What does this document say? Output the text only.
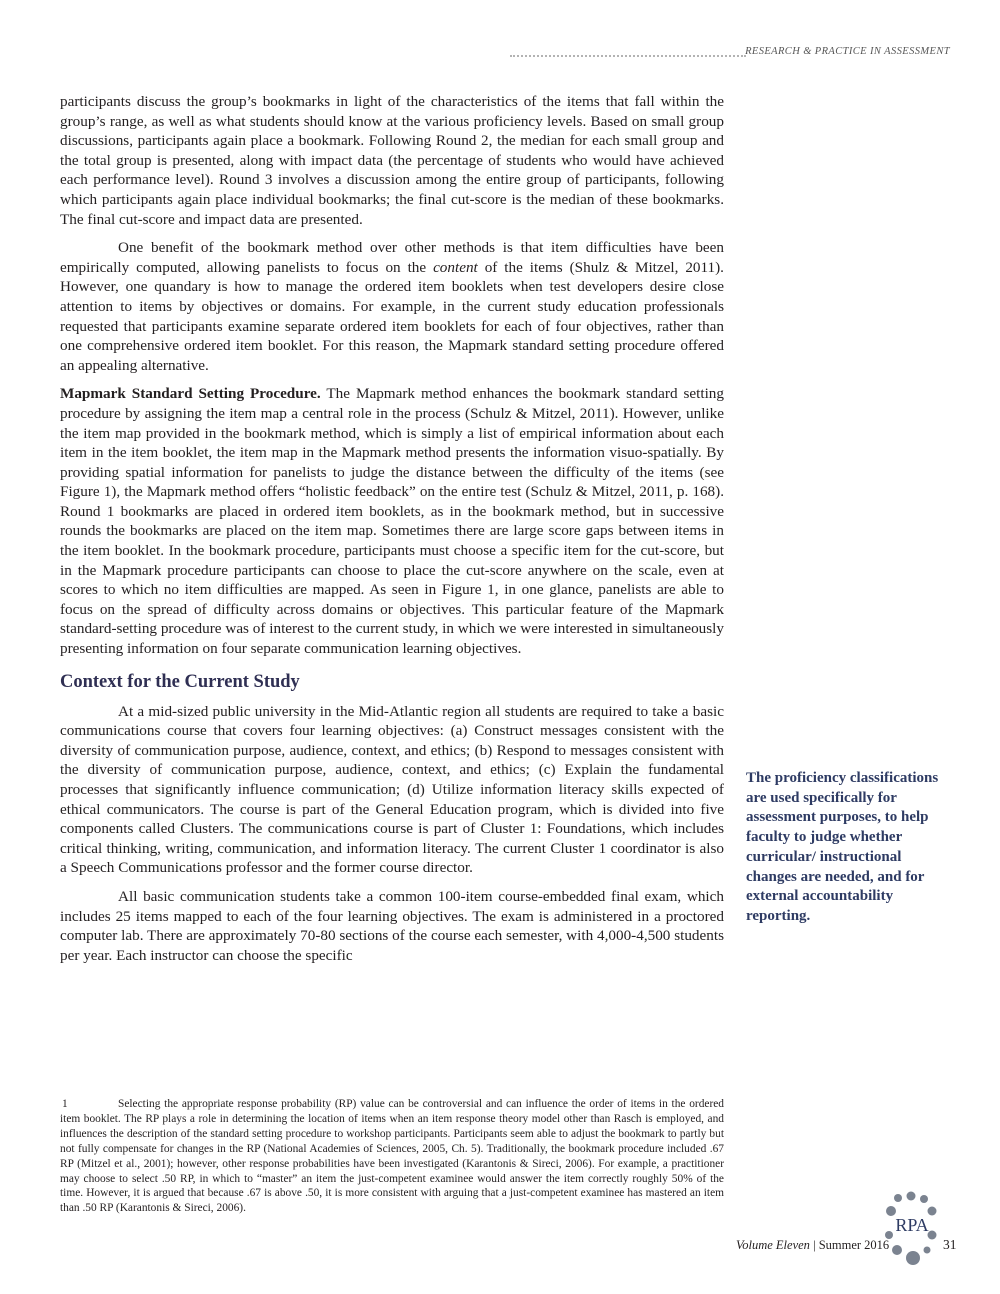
RESEARCH & PRACTICE IN ASSESSMENT

participants discuss the group’s bookmarks in light of the characteristics of the items that fall within the group’s range, as well as what students should know at the various proficiency levels. Based on small group discussions, participants again place a bookmark. Following Round 2, the median for each small group and the total group is presented, along with impact data (the percentage of students who would have achieved each performance level). Round 3 involves a discussion among the entire group of participants, following which participants again place individual bookmarks; the final cut-score is the median of these bookmarks. The final cut-score and impact data are presented.

One benefit of the bookmark method over other methods is that item difficulties have been empirically computed, allowing panelists to focus on the content of the items (Shulz & Mitzel, 2011). However, one quandary is how to manage the ordered item booklets when test developers desire close attention to items by objectives or domains. For example, in the current study education professionals requested that participants examine separate ordered item booklets for each of four objectives, rather than one comprehensive ordered item booklet. For this reason, the Mapmark standard setting procedure offered an appealing alternative.

Mapmark Standard Setting Procedure. The Mapmark method enhances the bookmark standard setting procedure by assigning the item map a central role in the process (Schulz & Mitzel, 2011). However, unlike the item map provided in the bookmark method, which is simply a list of empirical information about each item in the item booklet, the item map in the Mapmark method presents the information visuo-spatially. By providing spatial information for panelists to judge the distance between the difficulty of the items (see Figure 1), the Mapmark method offers “holistic feedback” on the entire test (Schulz & Mitzel, 2011, p. 168). Round 1 bookmarks are placed in ordered item booklets, as in the bookmark method, but in successive rounds the bookmarks are placed on the item map. Sometimes there are large score gaps between items in the item booklet. In the bookmark procedure, participants must choose a specific item for the cut-score, but in the Mapmark procedure participants can choose to place the cut-score anywhere on the scale, even at scores to which no item difficulties are mapped. As seen in Figure 1, in one glance, panelists are able to focus on the spread of difficulty across domains or objectives. This particular feature of the Mapmark standard-setting procedure was of interest to the current study, in which we were interested in simultaneously presenting information on four separate communication learning objectives.

Context for the Current Study

At a mid-sized public university in the Mid-Atlantic region all students are required to take a basic communications course that covers four learning objectives: (a) Construct messages consistent with the diversity of communication purpose, audience, context, and ethics; (b) Respond to messages consistent with the diversity of communication purpose, audience, context, and ethics; (c) Explain the fundamental processes that significantly influence communication; (d) Utilize information literacy skills expected of ethical communicators. The course is part of the General Education program, which is divided into five components called Clusters. The communications course is part of Cluster 1: Foundations, which includes critical thinking, writing, communication, and information literacy. The current Cluster 1 coordinator is also a Speech Communications professor and the former course director.

All basic communication students take a common 100-item course-embedded final exam, which includes 25 items mapped to each of the four learning objectives. The exam is administered in a proctored computer lab. There are approximately 70-80 sections of the course each semester, with 4,000-4,500 students per year. Each instructor can choose the specific

The proficiency classifications are used specifically for assessment purposes, to help faculty to judge whether curricular/ instructional changes are needed, and for external accountability reporting.
1	Selecting the appropriate response probability (RP) value can be controversial and can influence the order of items in the ordered item booklet. The RP plays a role in determining the location of items when an item response theory model other than Rasch is employed, and influences the description of the standard setting procedure to workshop participants. Participants seem able to adjust the bookmark to partly but not fully compensate for changes in the RP (National Academies of Sciences, 2005, Ch. 5). Traditionally, the bookmark procedure included .67 RP (Mitzel et al., 2001); however, other response probabilities have been investigated (Karantonis & Sireci, 2006). For example, a practitioner may choose to select .50 RP, in which to “master” an item the just-competent examinee would answer the item correctly roughly 50% of the time. However, it is argued that because .67 is above .50, it is more consistent with arguing that a just-competent examinee has mastered an item than .50 RP (Karantonis & Sireci, 2006).
RPA
Volume Eleven | Summer 2016	31
